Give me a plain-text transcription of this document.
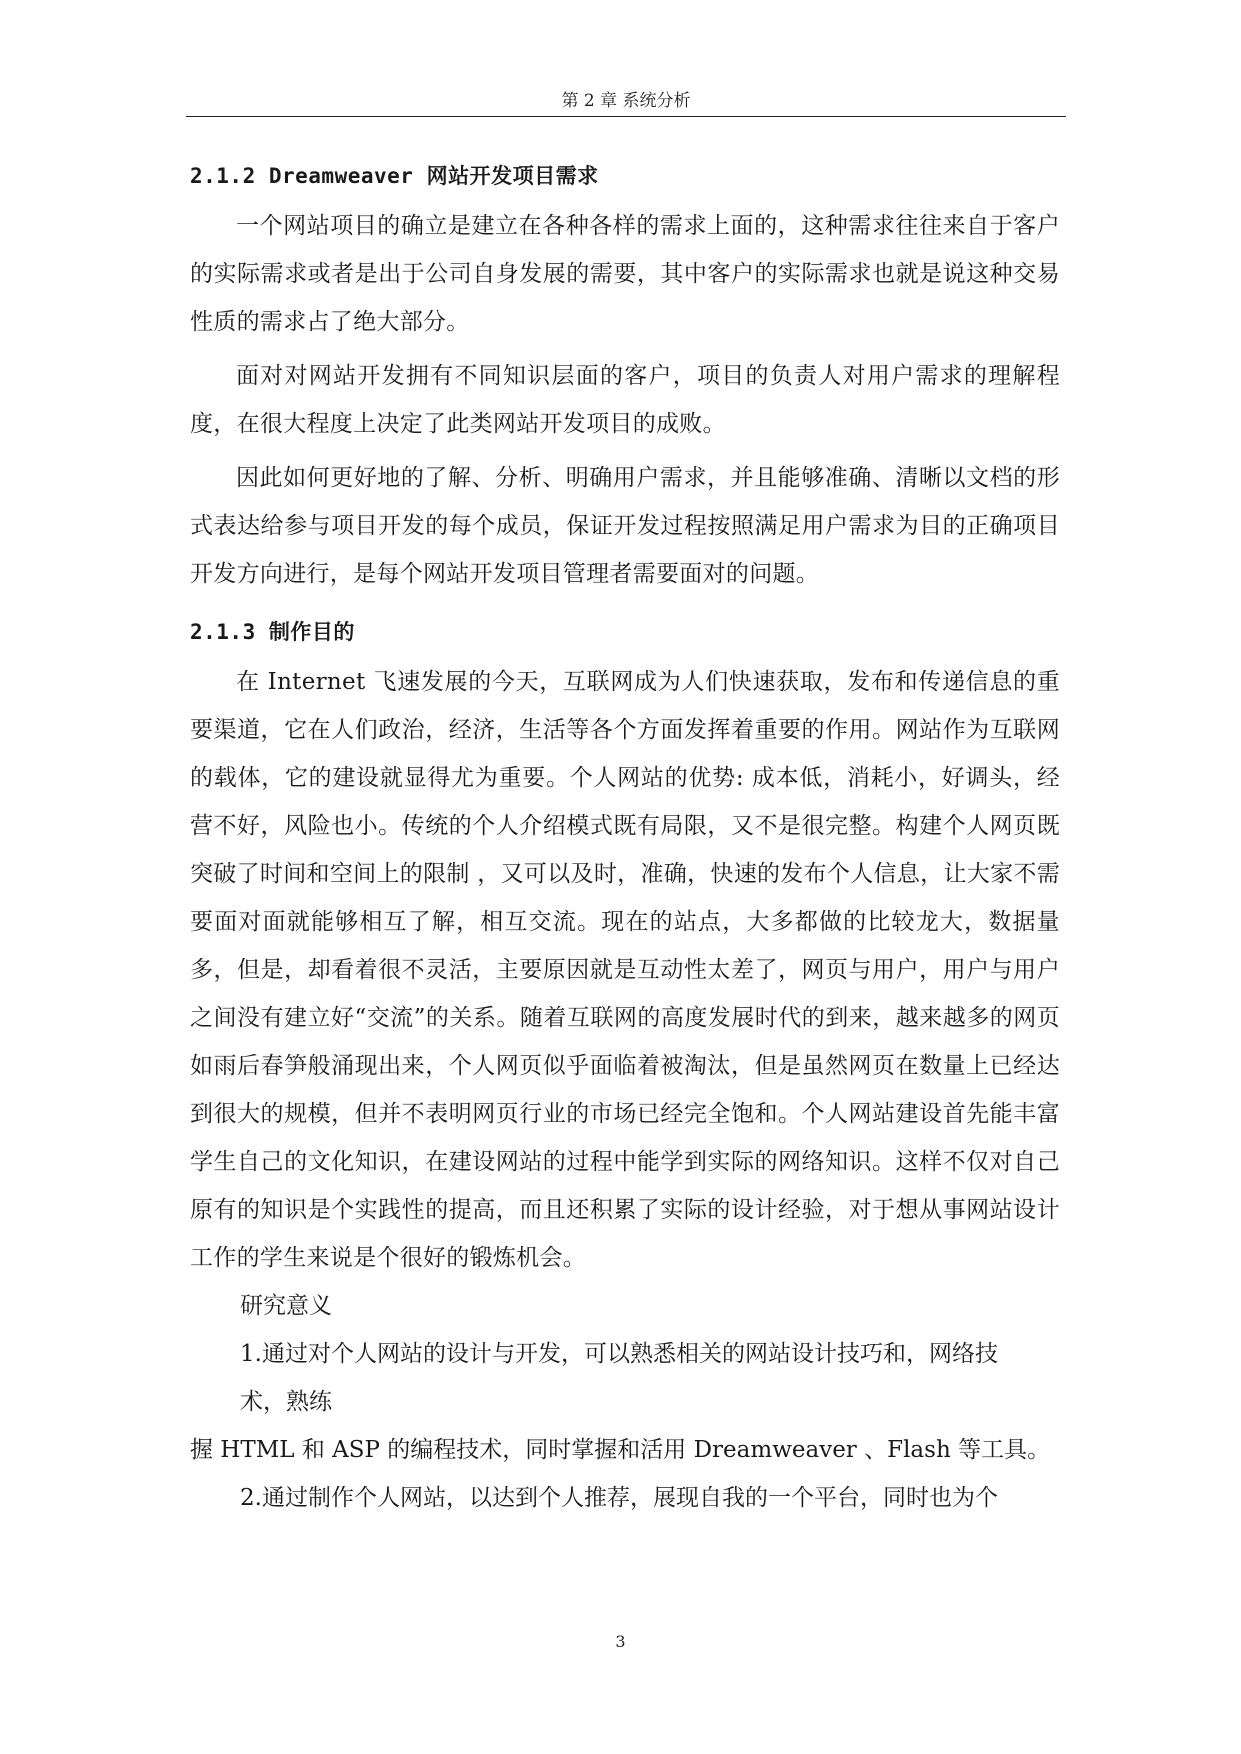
第 2 章 系统分析
2.1.2 Dreamweaver 网站开发项目需求

一个网站项目的确立是建立在各种各样的需求上面的，这种需求往往来自于客户的实际需求或者是出于公司自身发展的需要，其中客户的实际需求也就是说这种交易性质的需求占了绝大部分。

面对对网站开发拥有不同知识层面的客户，项目的负责人对用户需求的理解程度，在很大程度上决定了此类网站开发项目的成败。

因此如何更好地的了解、分析、明确用户需求，并且能够准确、清晰以文档的形式表达给参与项目开发的每个成员，保证开发过程按照满足用户需求为目的正确项目开发方向进行，是每个网站开发项目管理者需要面对的问题。

2.1.3 制作目的

在 Internet 飞速发展的今天，互联网成为人们快速获取，发布和传递信息的重要渠道，它在人们政治，经济，生活等各个方面发挥着重要的作用。网站作为互联网的载体，它的建设就显得尤为重要。个人网站的优势: 成本低，消耗小，好调头，经营不好，风险也小。传统的个人介绍模式既有局限，又不是很完整。构建个人网页既突破了时间和空间上的限制 ，又可以及时，准确，快速的发布个人信息，让大家不需要面对面就能够相互了解，相互交流。现在的站点，大多都做的比较龙大，数据量多，但是，却看着很不灵活，主要原因就是互动性太差了，网页与用户，用户与用户之间没有建立好“交流”的关系。随着互联网的高度发展时代的到来，越来越多的网页如雨后春笋般涌现出来，个人网页似乎面临着被淘汰，但是虽然网页在数量上已经达到很大的规模，但并不表明网页行业的市场已经完全饱和。个人网站建设首先能丰富学生自己的文化知识，在建设网站的过程中能学到实际的网络知识。这样不仅对自己原有的知识是个实践性的提高，而且还积累了实际的设计经验，对于想从事网站设计工作的学生来说是个很好的锻炼机会。

研究意义

1.通过对个人网站的设计与开发，可以熟悉相关的网站设计技巧和，网络技

术，熟练

握 HTML 和 ASP 的编程技术，同时掌握和活用 Dreamweaver 、Flash 等工具。

2.通过制作个人网站，以达到个人推荐，展现自我的一个平台，同时也为个

3
